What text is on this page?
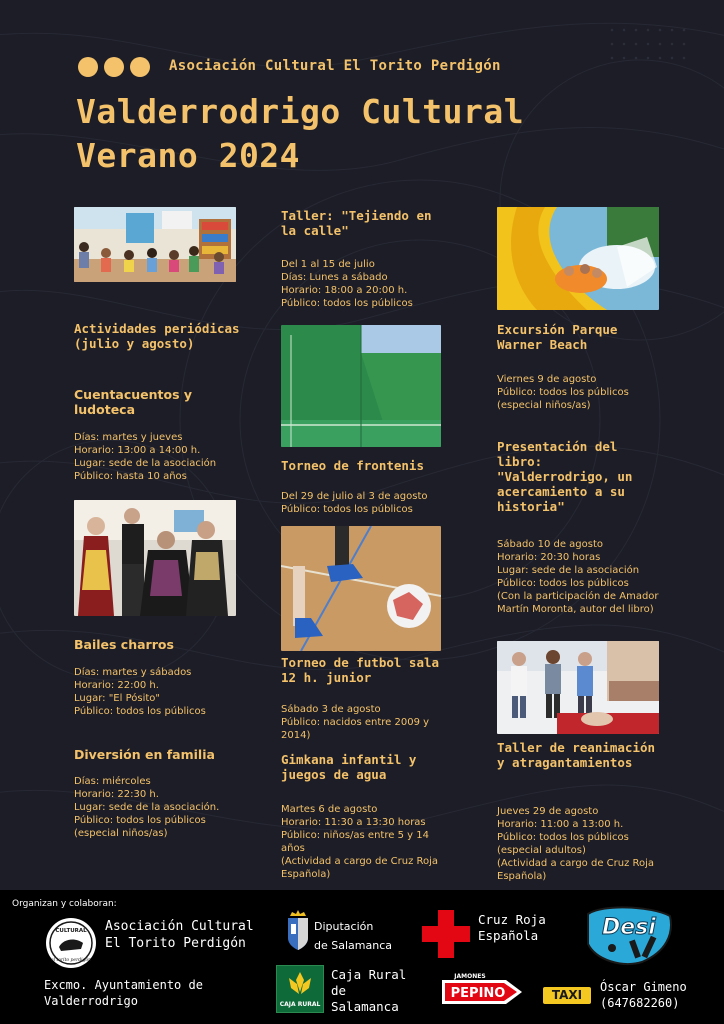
Asociación Cultural El Torito Perdigón
Valderrodrigo Cultural
Verano 2024
Actividades periódicas (julio y agosto)
Cuentacuentos y ludoteca
Días: martes y jueves
Horario: 13:00 a 14:00 h.
Lugar: sede de la asociación
Público: hasta 10 años
Bailes charros
Días: martes y sábados
Horario: 22:00 h.
Lugar: "El Pósito"
Público: todos los públicos
Diversión en familia
Días: miércoles
Horario: 22:30 h.
Lugar: sede de la asociación.
Público: todos los públicos
(especial niños/as)
Taller: "Tejiendo en la calle"
Del 1 al 15 de julio
Días: Lunes a sábado
Horario: 18:00 a 20:00 h.
Público: todos los públicos
Torneo de frontenis
Del 29 de julio al 3 de agosto
Público: todos los públicos
Torneo de futbol sala 12 h. junior
Sábado 3 de agosto
Público: nacidos entre 2009 y 2014)
Gimkana infantil y juegos de agua
Martes 6 de agosto
Horario: 11:30 a 13:30 horas
Público: niños/as entre 5 y 14 años
(Actividad a cargo de Cruz Roja Española)
Excursión Parque Warner Beach
Viernes 9 de agosto
Público: todos los públicos
(especial niños/as)
Presentación del libro: "Valderrodrigo, un acercamiento a su historia"
Sábado 10 de agosto
Horario: 20:30 horas
Lugar: sede de la asociación
Público: todos los públicos
(Con la participación de Amador Martín Moronta, autor del libro)
Taller de reanimación y atragantamientos
Jueves 29 de agosto
Horario: 11:00 a 13:00 h.
Público: todos los públicos
(especial adultos)
(Actividad a cargo de Cruz Roja Española)
Organizan y colaboran:
CULTURAL
el torito perdigón
Asociación Cultural El Torito Perdigón
Excmo. Ayuntamiento de Valderrodrigo
Diputación
de Salamanca
Cruz Roja Española	Desi
CAJA RURAL
Caja Rural de Salamanca
JAMONES
PEPINO	TAXI
Óscar Gimeno
(647682260)
